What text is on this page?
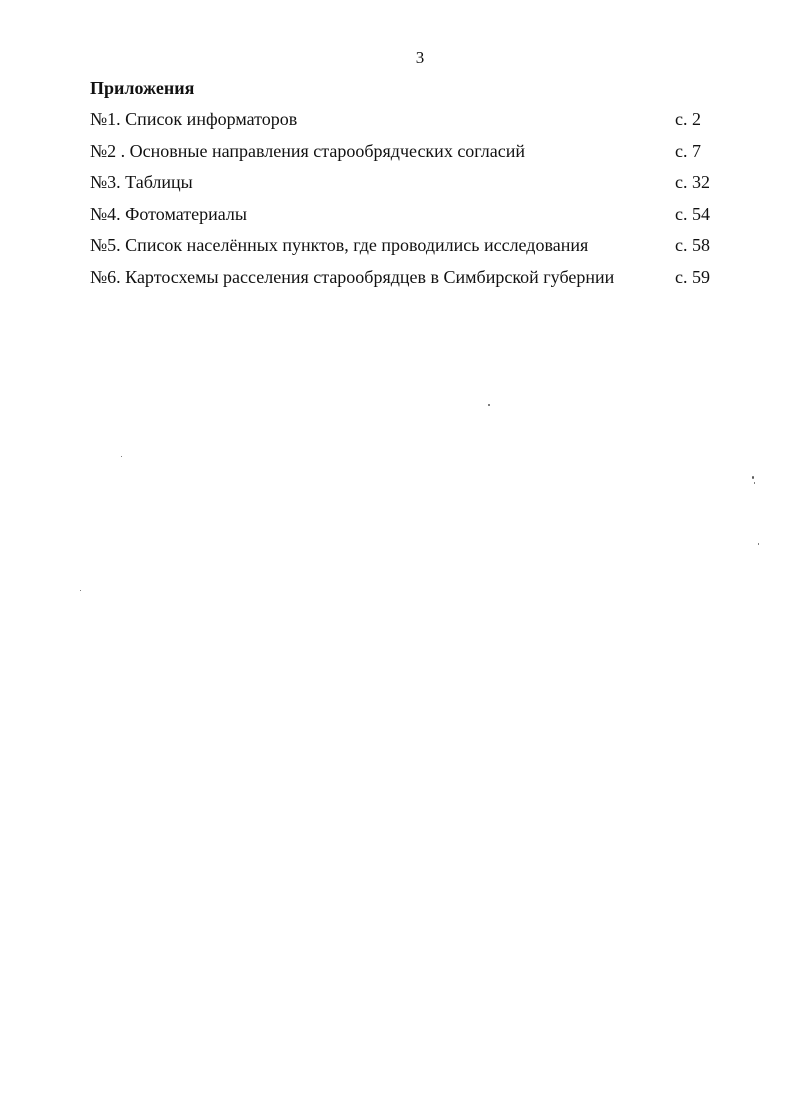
3
Приложения
№1. Список информаторов	с. 2
№2 . Основные направления старообрядческих согласий	с. 7
№3. Таблицы	с. 32
№4. Фотоматериалы	с. 54
№5. Список населённых пунктов, где проводились исследования	с. 58
№6. Картосхемы расселения старообрядцев в Симбирской губернии	с. 59
